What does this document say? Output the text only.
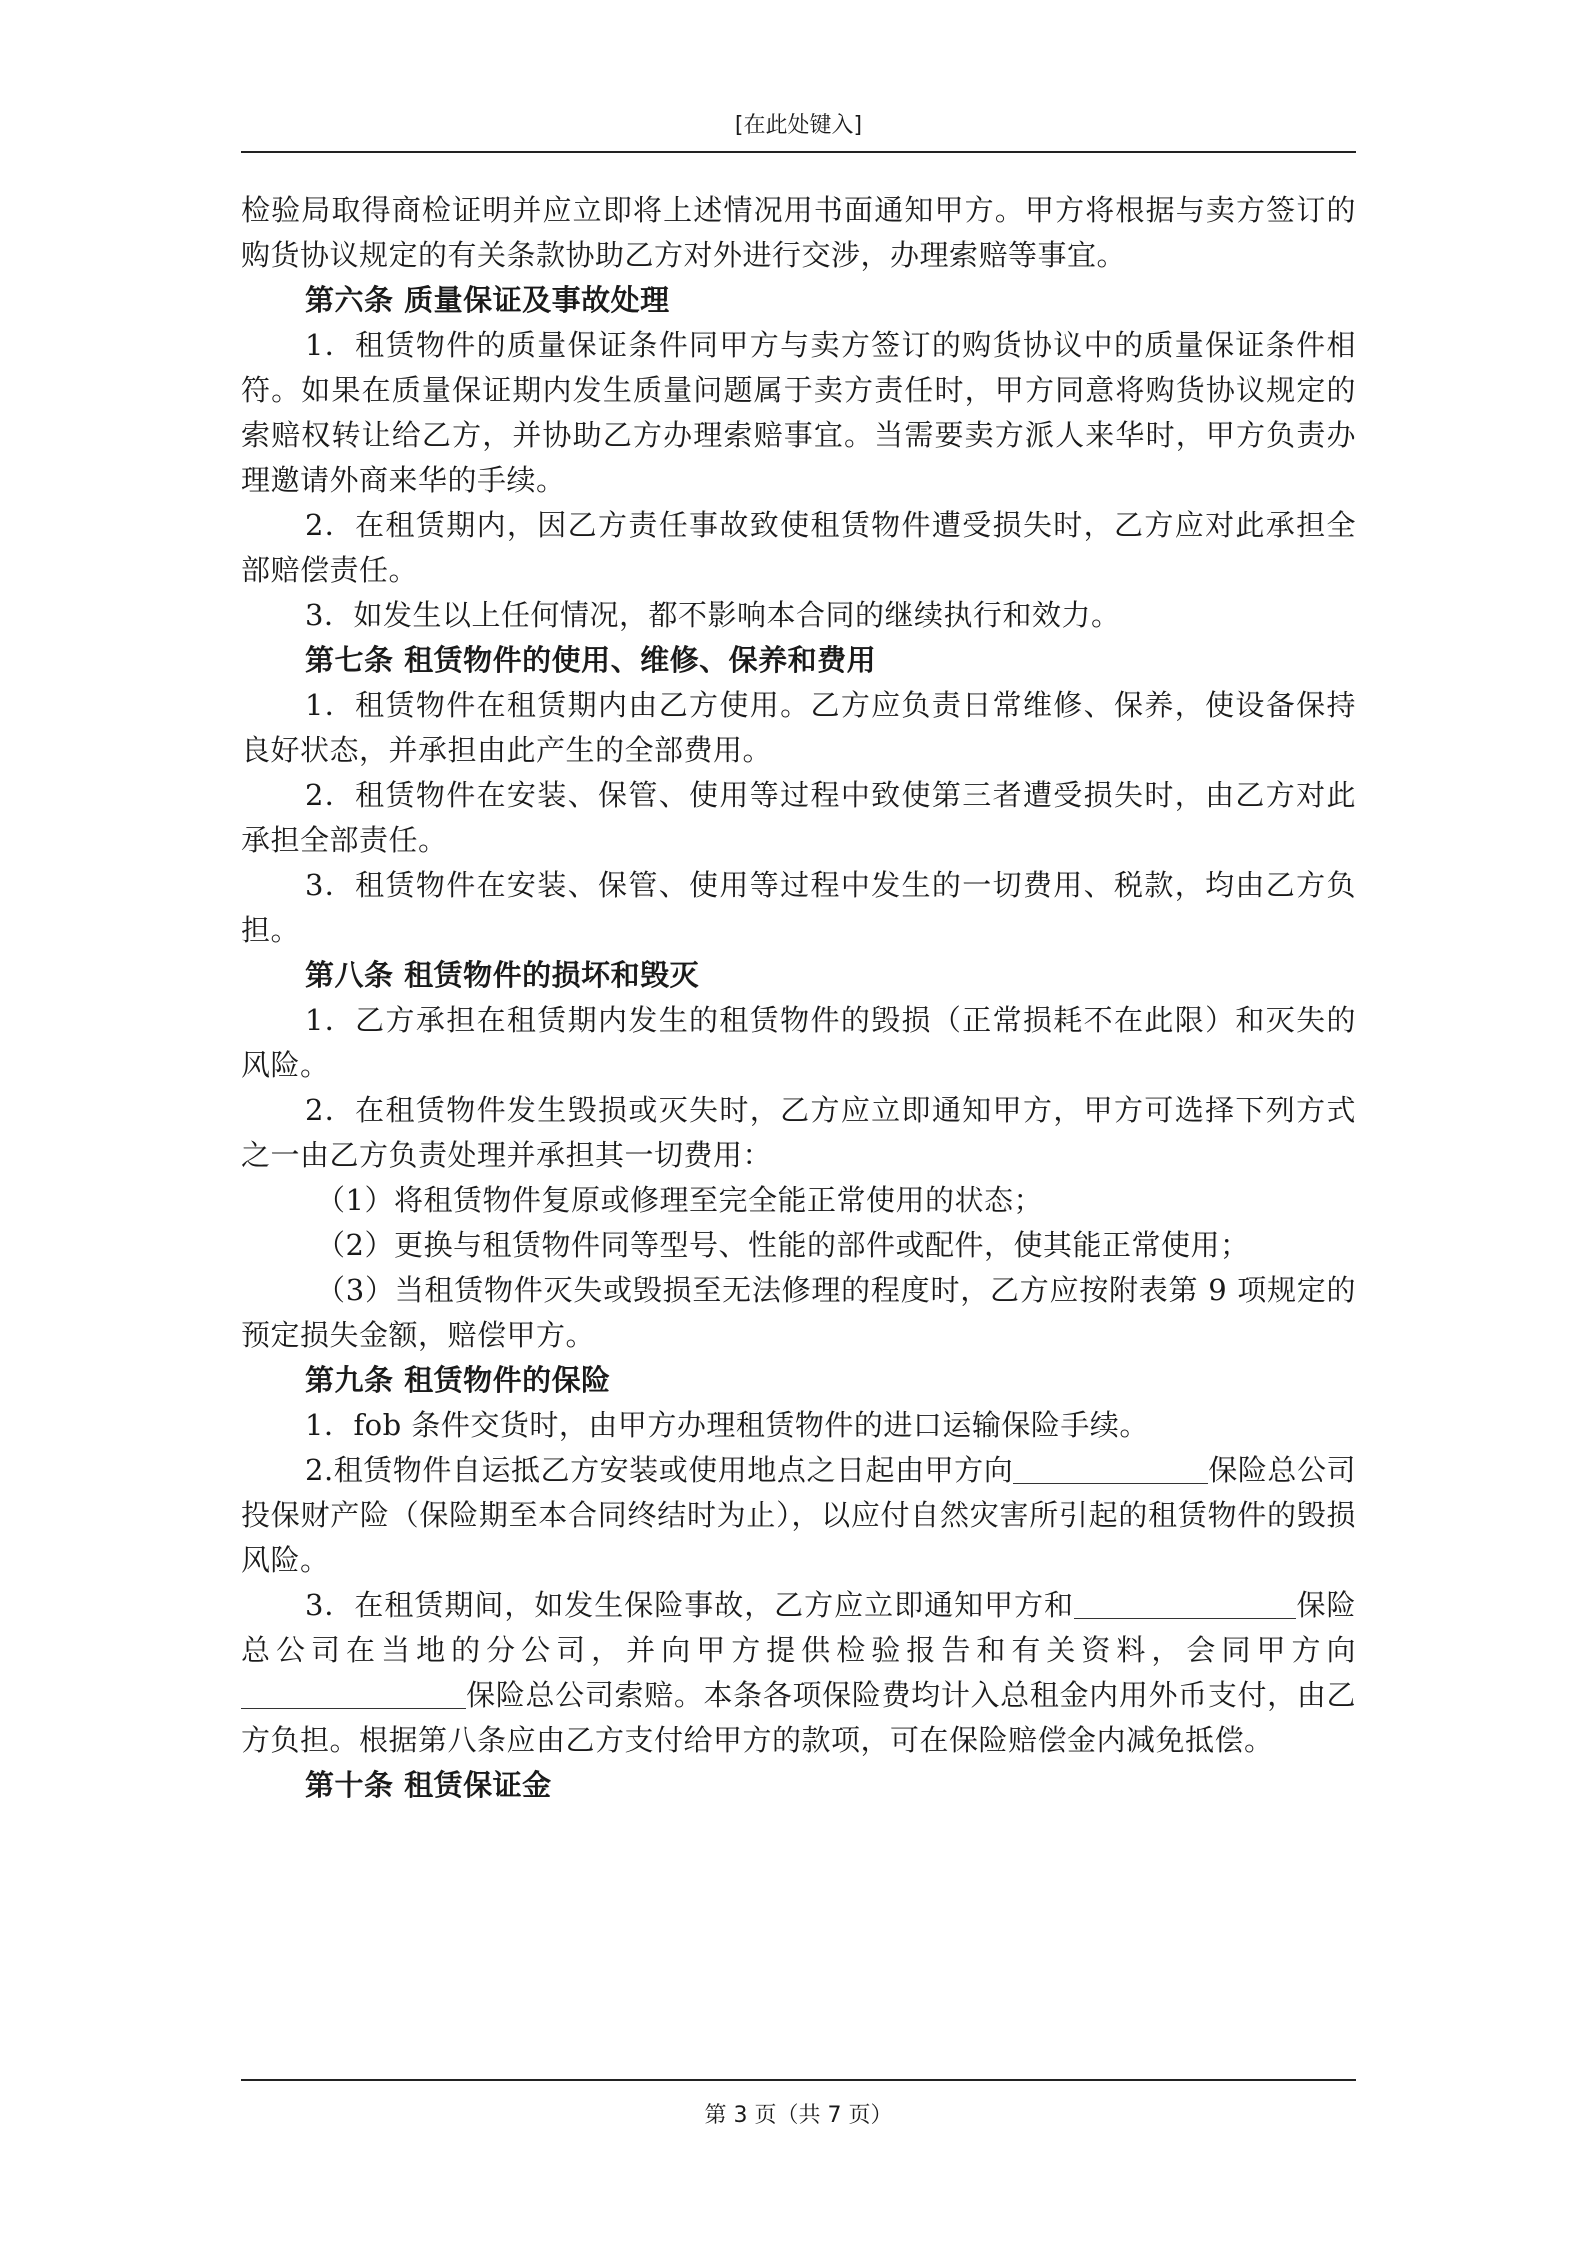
[在此处键入]

检验局取得商检证明并应立即将上述情况用书面通知甲方。甲方将根据与卖方签订的购货协议规定的有关条款协助乙方对外进行交涉，办理索赔等事宜。

第六条 质量保证及事故处理

1．租赁物件的质量保证条件同甲方与卖方签订的购货协议中的质量保证条件相符。如果在质量保证期内发生质量问题属于卖方责任时，甲方同意将购货协议规定的索赔权转让给乙方，并协助乙方办理索赔事宜。当需要卖方派人来华时，甲方负责办理邀请外商来华的手续。

2．在租赁期内，因乙方责任事故致使租赁物件遭受损失时，乙方应对此承担全部赔偿责任。

3．如发生以上任何情况，都不影响本合同的继续执行和效力。

第七条 租赁物件的使用、维修、保养和费用

1．租赁物件在租赁期内由乙方使用。乙方应负责日常维修、保养，使设备保持良好状态，并承担由此产生的全部费用。

2．租赁物件在安装、保管、使用等过程中致使第三者遭受损失时，由乙方对此承担全部责任。

3．租赁物件在安装、保管、使用等过程中发生的一切费用、税款，均由乙方负担。

第八条 租赁物件的损坏和毁灭

1．乙方承担在租赁期内发生的租赁物件的毁损（正常损耗不在此限）和灭失的风险。

2．在租赁物件发生毁损或灭失时，乙方应立即通知甲方，甲方可选择下列方式之一由乙方负责处理并承担其一切费用：

（1）将租赁物件复原或修理至完全能正常使用的状态；

（2）更换与租赁物件同等型号、性能的部件或配件，使其能正常使用；

（3）当租赁物件灭失或毁损至无法修理的程度时，乙方应按附表第 9 项规定的预定损失金额，赔偿甲方。

第九条 租赁物件的保险

1．fob 条件交货时，由甲方办理租赁物件的进口运输保险手续。

2.租赁物件自运抵乙方安装或使用地点之日起由甲方向	保险总公司投保财产险（保险期至本合同终结时为止），以应付自然灾害所引起的租赁物件的毁损风险。

3．在租赁期间，如发生保险事故，乙方应立即通知甲方和	保险总公司在当地的分公司，并向甲方提供检验报告和有关资料，会同甲方向保险总公司索赔。本条各项保险费均计入总租金内用外币支付，由乙方负担。根据第八条应由乙方支付给甲方的款项，可在保险赔偿金内减免抵偿。

第十条 租赁保证金

第 3 页（共 7 页）
